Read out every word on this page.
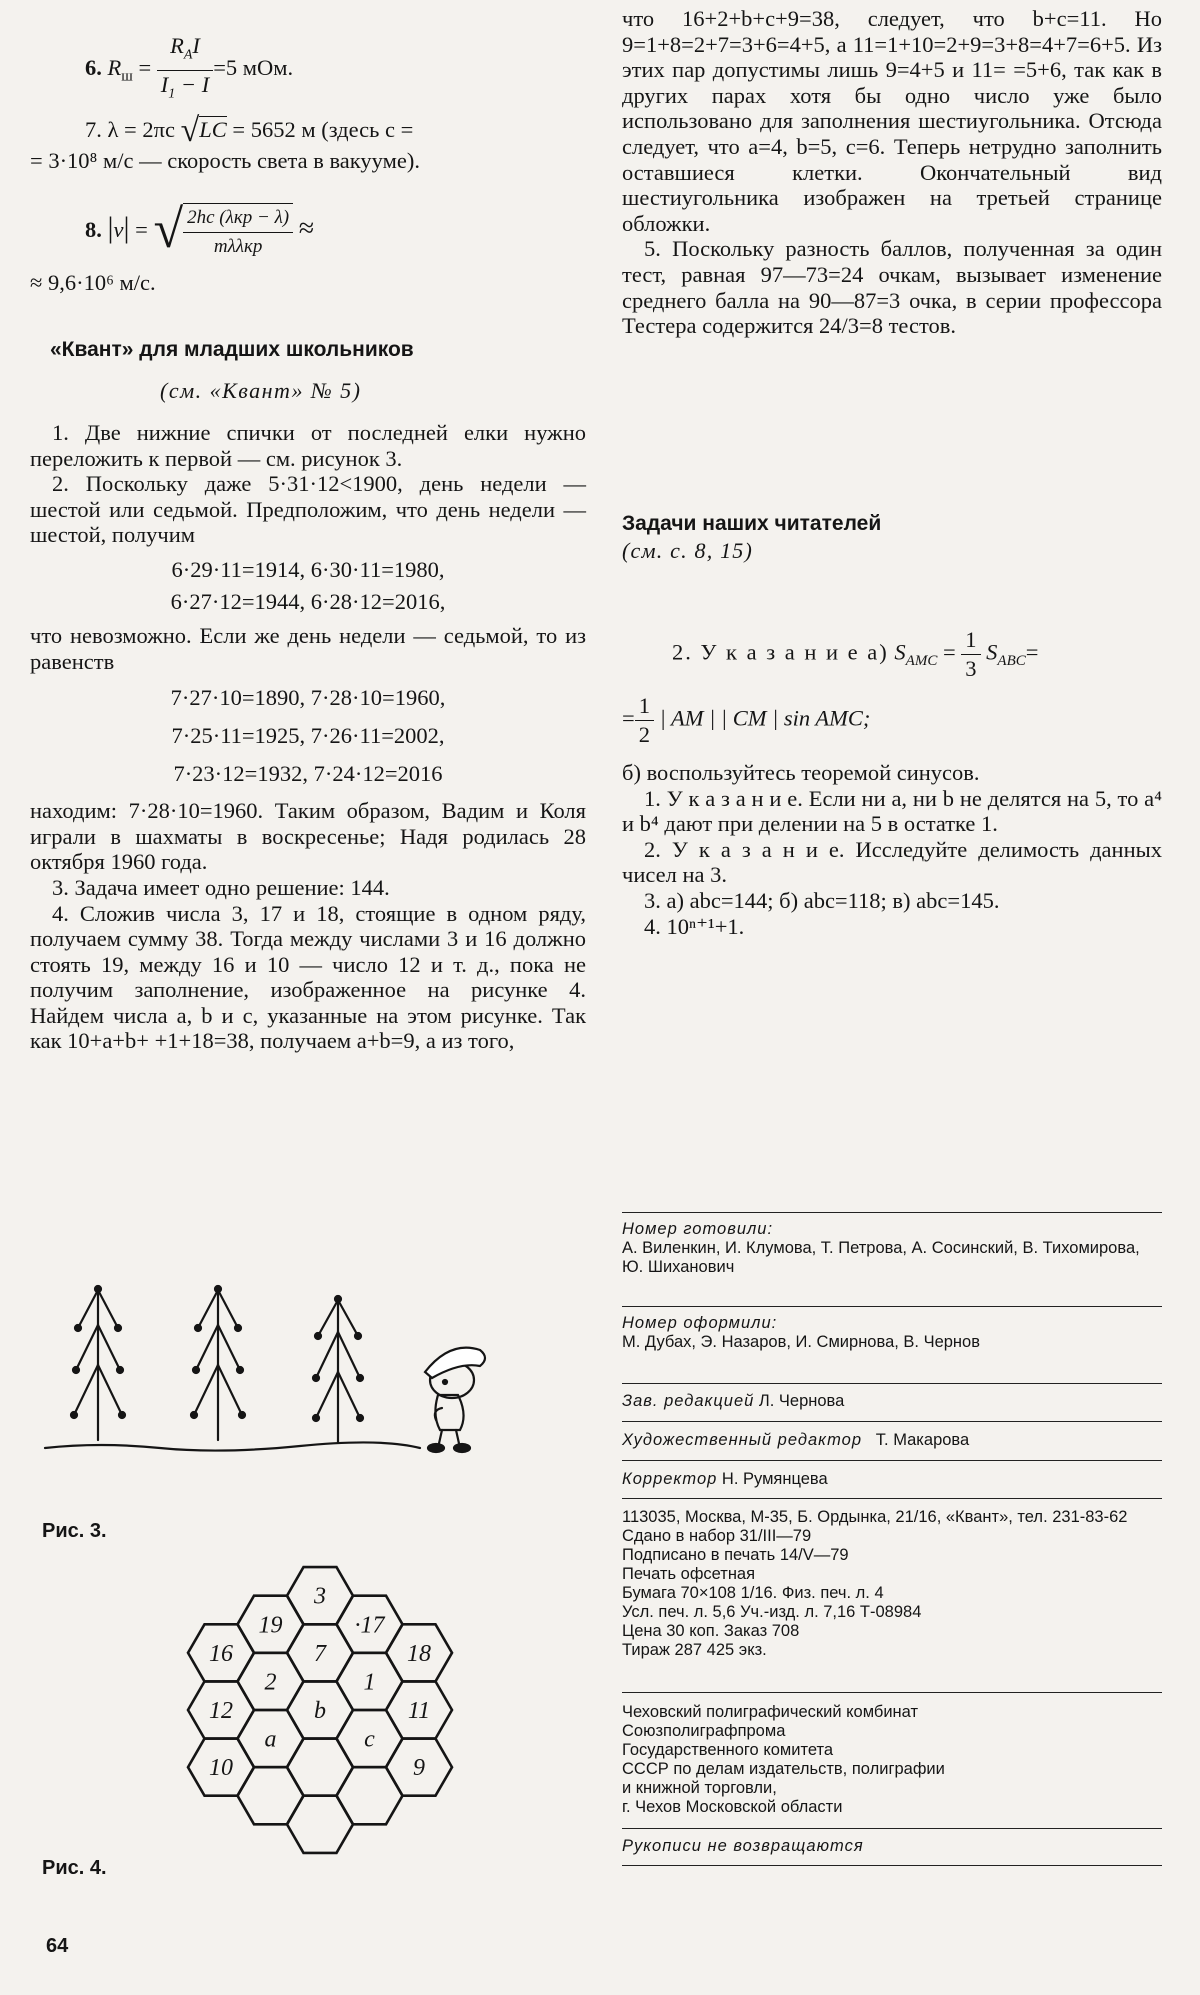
6. $R_ш = \frac{R_AI}{I_1 - I} =5$ мОм.
7. λ = 2πc √LC = 5652 м (здесь c =
= 3·10⁸ м/с — скорость света в вакууме).
8. |v| = √ $\frac{\text{2hc (λкр − λ)}}{\text{mλλкр}}$ ≈
≈ 9,6·10⁶ м/с.
«Квант» для младших школьников
(см. «Квант» № 5)

1. Две нижние спички от последней елки нужно переложить к первой — см. рисунок 3.

2. Поскольку даже 5·31·12<1900, день недели — шестой или седьмой. Предположим, что день недели — шестой, получим

6·29·11=1914, 6·30·11=1980,
6·27·12=1944, 6·28·12=2016,

что невозможно. Если же день недели — седьмой, то из равенств

7·27·10=1890, 7·28·10=1960,
7·25·11=1925, 7·26·11=2002,
7·23·12=1932, 7·24·12=2016

находим: 7·28·10=1960. Таким образом, Вадим и Коля играли в шахматы в воскресенье; Надя родилась 28 октября 1960 года.

3. Задача имеет одно решение: 144.

4. Сложив числа 3, 17 и 18, стоящие в одном ряду, получаем сумму 38. Тогда между числами 3 и 16 должно стоять 19, между 16 и 10 — число 12 и т. д., пока не получим заполнение, изображенное на рисунке 4. Найдем числа a, b и c, указанные на этом рисунке. Так как 10+a+b+ +1+18=38, получаем a+b=9, а из того,

Рис. 3.
3
19	·17
16	7	18
2	1
12	b	11
a	c
10	9
Рис. 4.
64

что 16+2+b+c+9=38, следует, что b+c=11. Но 9=1+8=2+7=3+6=4+5, а 11=1+10=2+9=3+8=4+7=6+5. Из этих пар допустимы лишь 9=4+5 и 11= =5+6, так как в других парах хотя бы одно число уже было использовано для заполнения шестиугольника. Отсюда следует, что a=4, b=5, c=6. Теперь нетрудно заполнить оставшиеся клетки. Окончательный вид шестиугольника изображен на третьей странице обложки.

5. Поскольку разность баллов, полученная за один тест, равная 97—73=24 очкам, вызывает изменение среднего балла на 90—87=3 очка, в серии профессора Тестера содержится 24/3=8 тестов.

Задачи наших читателей
(см. с. 8, 15)
2. У к а з а н и е а) $S_{AMC} = \frac{1}{3} S_{ABC}=$
= $\frac{1}{2}$ | AM | | CM | sin AMC;

б) воспользуйтесь теоремой синусов.

1. У к а з а н и е. Если ни a, ни b не делятся на 5, то a⁴ и b⁴ дают при делении на 5 в остатке 1.

2. У к а з а н и е. Исследуйте делимость данных чисел на 3.

3. а) abc=144; б) abc=118; в) abc=145.

4. 10ⁿ⁺¹+1.

Номер готовили:
А. Виленкин, И. Клумова, Т. Петрова, А. Сосинский, В. Тихомирова, Ю. Шиханович
Номер оформили:
М. Дубах, Э. Назаров, И. Смирнова, В. Чернов
Зав. редакцией Л. Чернова
Художественный редактор Т. Макарова
Корректор Н. Румянцева
113035, Москва, М-35, Б. Ордынка, 21/16, «Квант», тел. 231-83-62
Сдано в набор 31/III—79
Подписано в печать 14/V—79
Печать офсетная
Бумага 70×108 1/16. Физ. печ. л. 4
Усл. печ. л. 5,6 Уч.-изд. л. 7,16 Т-08984
Цена 30 коп. Заказ 708
Тираж 287 425 экз.
Чеховский полиграфический комбинат
Союзполиграфпрома
Государственного комитета
СССР по делам издательств, полиграфии
и книжной торговли,
г. Чехов Московской области
Рукописи не возвращаются
